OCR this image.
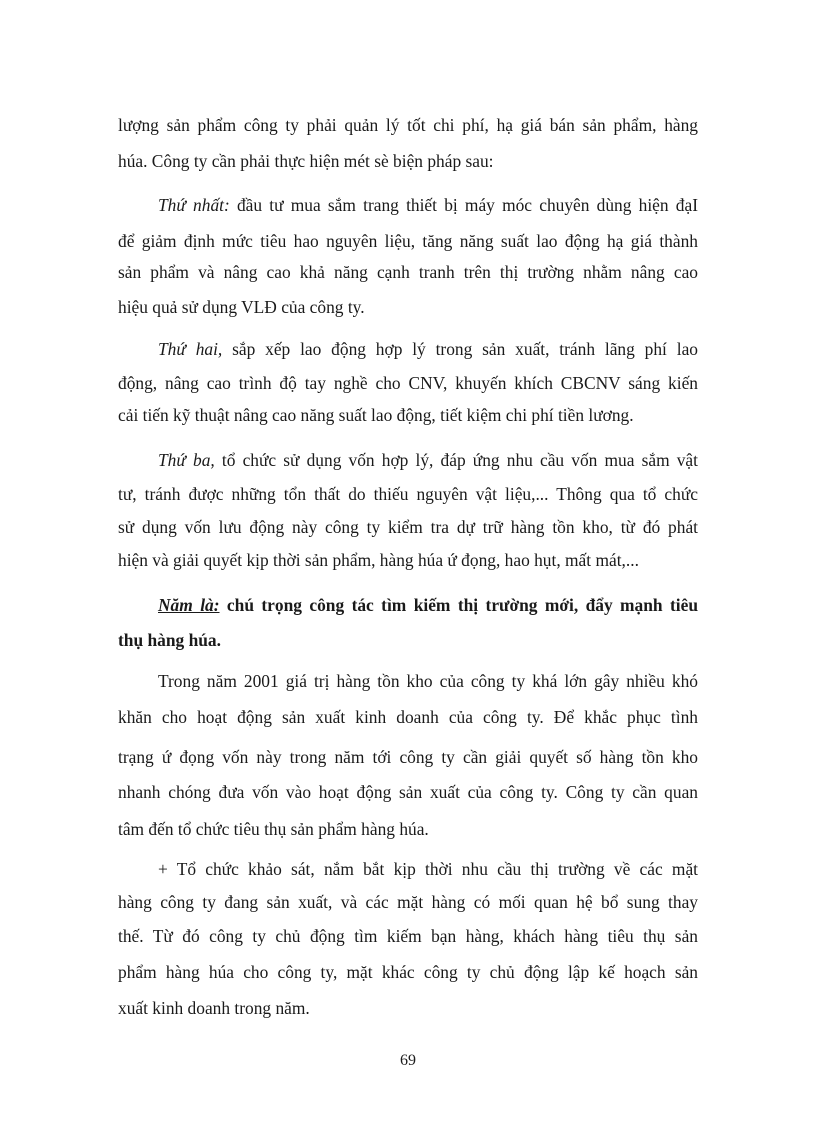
lượng sản phẩm công ty phải quản lý tốt chi phí, hạ giá bán sản phẩm, hàng
húa. Công ty cần phải thực hiện mét sè biện pháp sau:
Thứ nhất: đầu tư mua sắm trang thiết bị máy móc chuyên dùng hiện đạI
để giảm định mức tiêu hao nguyên liệu, tăng năng suất lao động hạ giá thành
sản phẩm và nâng cao khả năng cạnh tranh trên thị trường nhằm nâng cao
hiệu quả sử dụng VLĐ của công ty.
Thứ hai, sắp xếp lao động hợp lý trong sản xuất, tránh lãng phí lao
động, nâng cao trình độ tay nghề cho CNV, khuyến khích CBCNV sáng kiến
cải tiến kỹ thuật nâng cao năng suất lao động, tiết kiệm chi phí tiền lương.
Thứ ba, tổ chức sử dụng vốn hợp lý, đáp ứng nhu cầu vốn mua sắm vật
tư, tránh được những tổn thất do thiếu nguyên vật liệu,... Thông qua tổ chức
sử dụng vốn lưu động này công ty kiểm tra dự trữ hàng tồn kho, từ đó phát
hiện và giải quyết kịp thời sản phẩm, hàng húa ứ đọng, hao hụt, mất mát,...
Năm là: chú trọng công tác tìm kiếm thị trường mới, đẩy mạnh tiêu
thụ hàng húa.
Trong năm 2001 giá trị hàng tồn kho của công ty khá lớn gây nhiều khó
khăn cho hoạt động sản xuất kinh doanh của công ty. Để khắc phục tình
trạng ứ đọng vốn này trong năm tới công ty cần giải quyết số hàng tồn kho
nhanh chóng đưa vốn vào hoạt động sản xuất của công ty. Công ty cần quan
tâm đến tổ chức tiêu thụ sản phẩm hàng húa.
+ Tổ chức khảo sát, nắm bắt kịp thời nhu cầu thị trường về các mặt
hàng công ty đang sản xuất, và các mặt hàng có mối quan hệ bổ sung thay
thế. Từ đó công ty chủ động tìm kiếm bạn hàng, khách hàng tiêu thụ sản
phẩm hàng húa cho công ty, mặt khác công ty chủ động lập kế hoạch sản
xuất kinh doanh trong năm.
69
